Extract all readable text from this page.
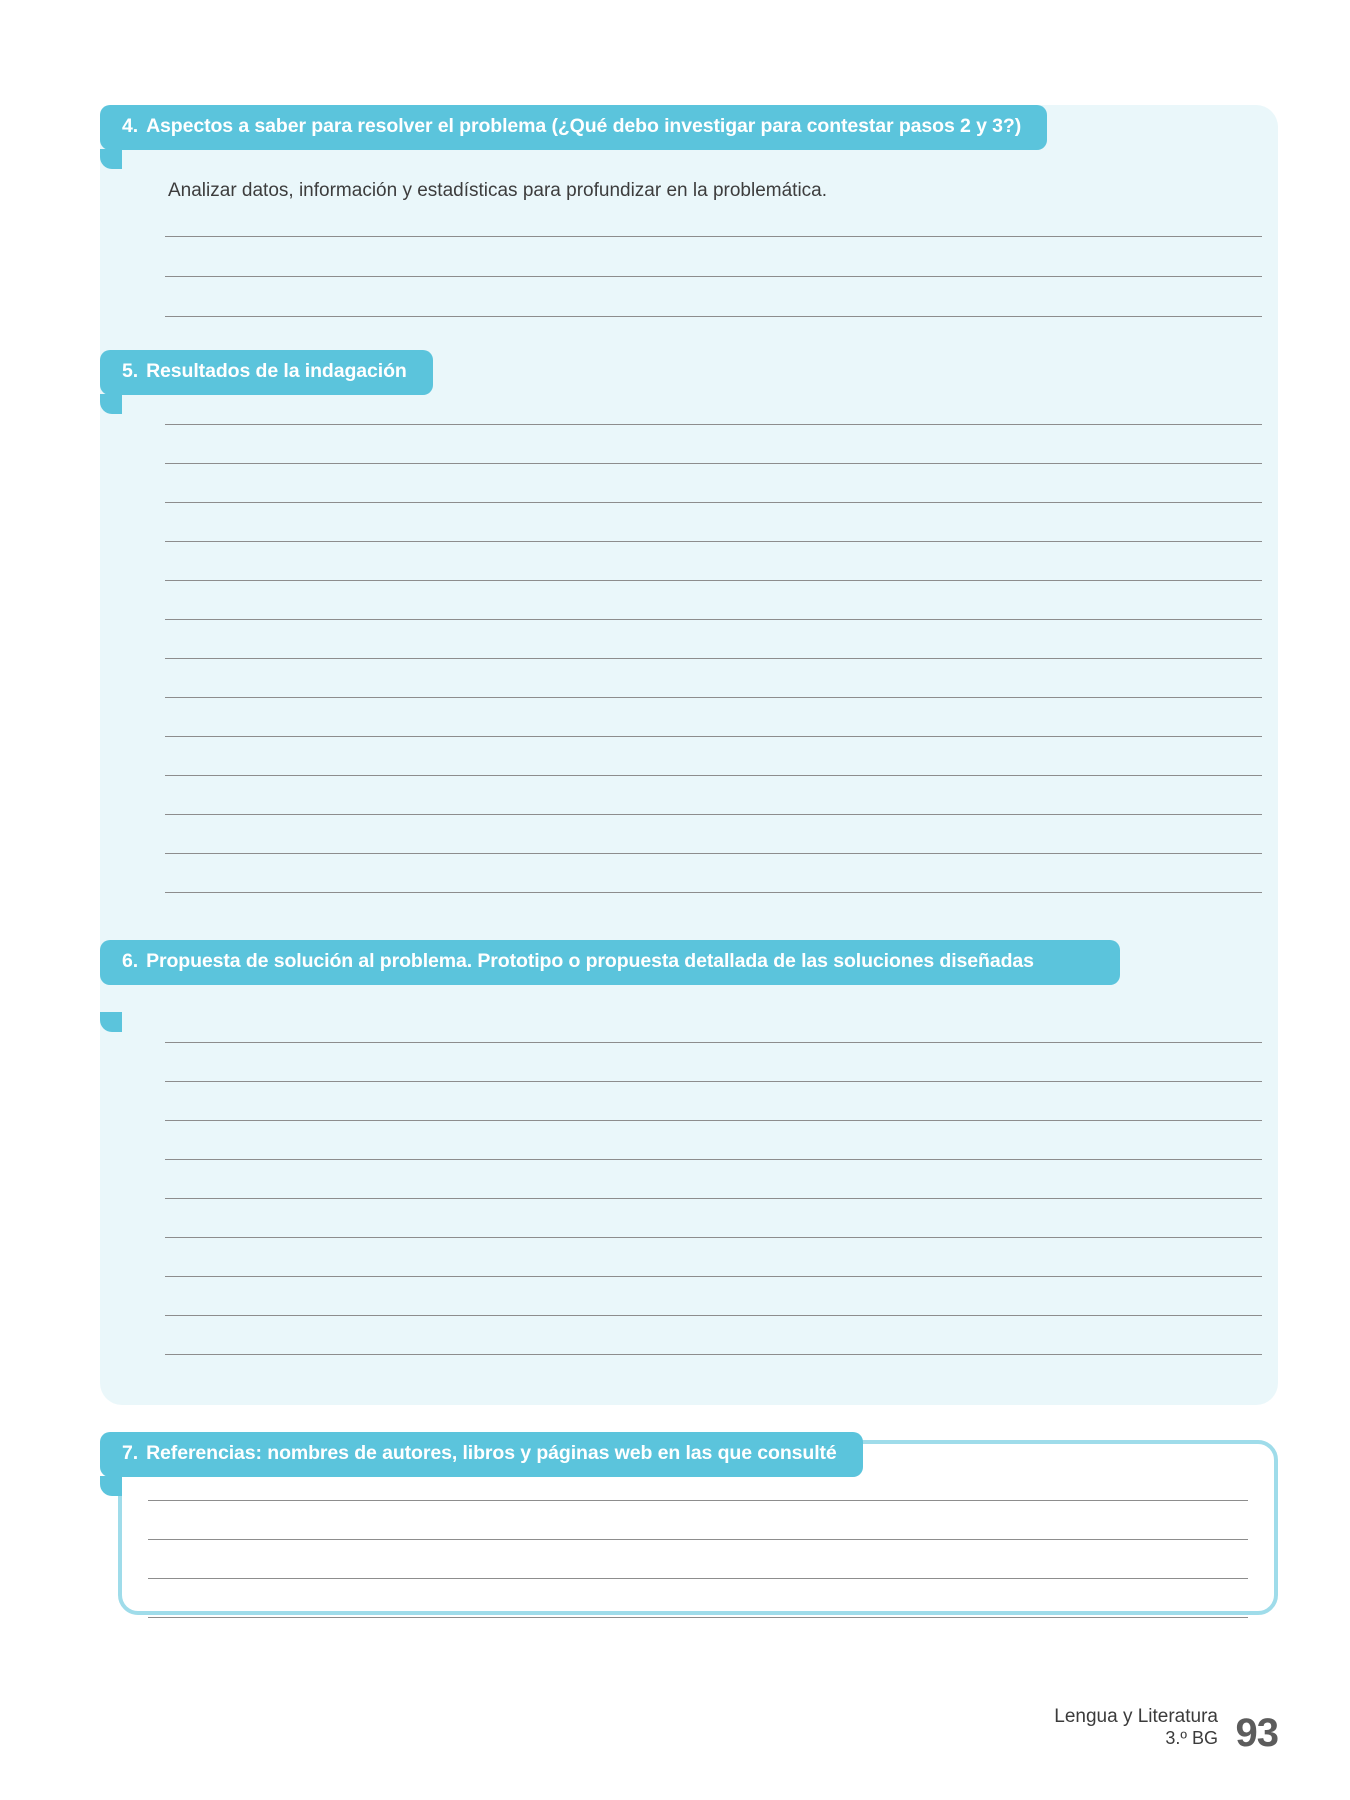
4. Aspectos a saber para resolver el problema (¿Qué debo investigar para contestar pasos 2 y 3?)
Analizar datos, información y estadísticas para profundizar en la problemática.
5. Resultados de la indagación
6. Propuesta de solución al problema. Prototipo o propuesta detallada de las soluciones diseñadas
7. Referencias: nombres de autores, libros y páginas web en las que consulté
Lengua y Literatura
3.º BG 93
